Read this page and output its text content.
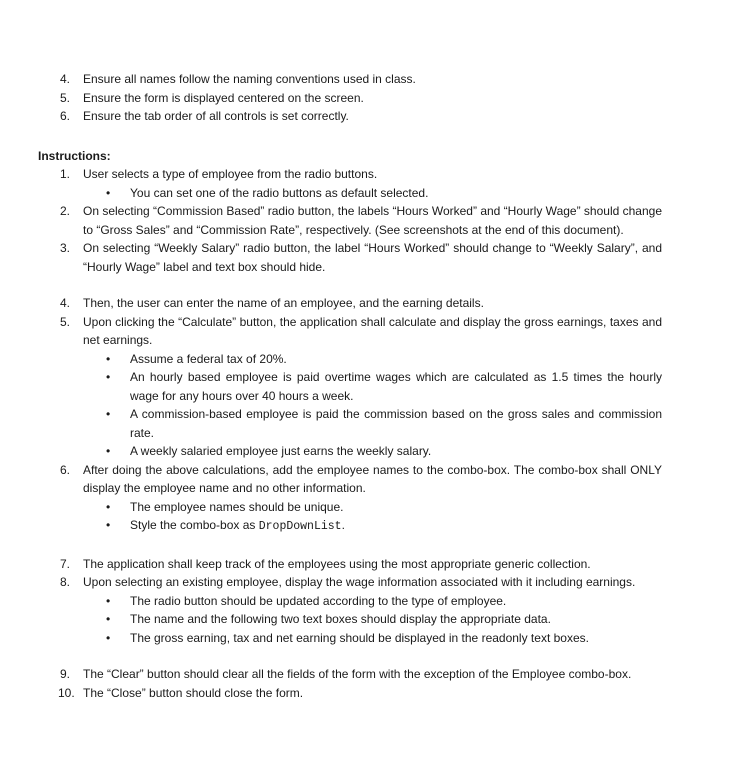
4. Ensure all names follow the naming conventions used in class.
5. Ensure the form is displayed centered on the screen.
6. Ensure the tab order of all controls is set correctly.
Instructions:
1. User selects a type of employee from the radio buttons.
• You can set one of the radio buttons as default selected.
2. On selecting “Commission Based” radio button, the labels “Hours Worked” and “Hourly Wage” should change to “Gross Sales” and “Commission Rate”, respectively. (See screenshots at the end of this document).
3. On selecting “Weekly Salary” radio button, the label “Hours Worked” should change to “Weekly Salary”, and “Hourly Wage” label and text box should hide.
4. Then, the user can enter the name of an employee, and the earning details.
5. Upon clicking the “Calculate” button, the application shall calculate and display the gross earnings, taxes and net earnings.
• Assume a federal tax of 20%.
• An hourly based employee is paid overtime wages which are calculated as 1.5 times the hourly wage for any hours over 40 hours a week.
• A commission-based employee is paid the commission based on the gross sales and commission rate.
• A weekly salaried employee just earns the weekly salary.
6. After doing the above calculations, add the employee names to the combo-box. The combo-box shall ONLY display the employee name and no other information.
• The employee names should be unique.
• Style the combo-box as DropDownList.
7. The application shall keep track of the employees using the most appropriate generic collection.
8. Upon selecting an existing employee, display the wage information associated with it including earnings.
• The radio button should be updated according to the type of employee.
• The name and the following two text boxes should display the appropriate data.
• The gross earning, tax and net earning should be displayed in the readonly text boxes.
9. The “Clear” button should clear all the fields of the form with the exception of the Employee combo-box.
10. The “Close” button should close the form.
